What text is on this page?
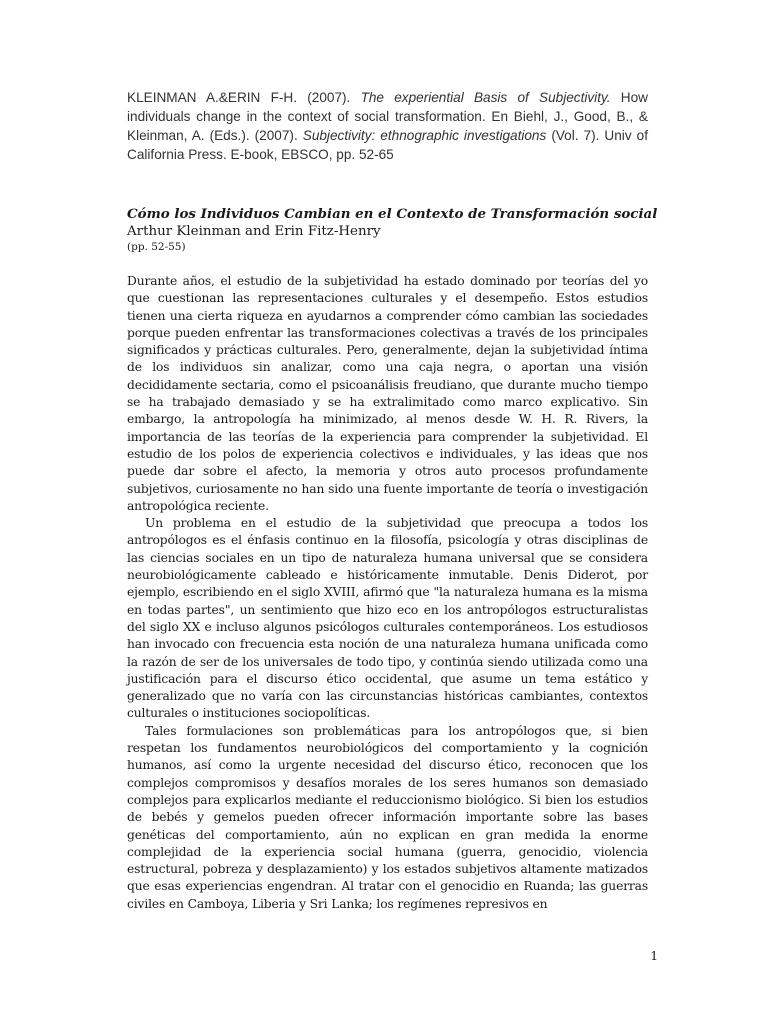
KLEINMAN A.&ERIN F-H. (2007). The experiential Basis of Subjectivity. How individuals change in the context of social transformation. En Biehl, J., Good, B., & Kleinman, A. (Eds.). (2007). Subjectivity: ethnographic investigations (Vol. 7). Univ of California Press. E-book, EBSCO, pp. 52-65

Cómo los Individuos Cambian en el Contexto de Transformación social

Arthur Kleinman and Erin Fitz-Henry

(pp. 52-55)

Durante años, el estudio de la subjetividad ha estado dominado por teorías del yo que cuestionan las representaciones culturales y el desempeño. Estos estudios tienen una cierta riqueza en ayudarnos a comprender cómo cambian las sociedades porque pueden enfrentar las transformaciones colectivas a través de los principales significados y prácticas culturales. Pero, generalmente, dejan la subjetividad íntima de los individuos sin analizar, como una caja negra, o aportan una visión decididamente sectaria, como el psicoanálisis freudiano, que durante mucho tiempo se ha trabajado demasiado y se ha extralimitado como marco explicativo. Sin embargo, la antropología ha minimizado, al menos desde W. H. R. Rivers, la importancia de las teorías de la experiencia para comprender la subjetividad. El estudio de los polos de experiencia colectivos e individuales, y las ideas que nos puede dar sobre el afecto, la memoria y otros auto procesos profundamente subjetivos, curiosamente no han sido una fuente importante de teoría o investigación antropológica reciente.

Un problema en el estudio de la subjetividad que preocupa a todos los antropólogos es el énfasis continuo en la filosofía, psicología y otras disciplinas de las ciencias sociales en un tipo de naturaleza humana universal que se considera neurobiológicamente cableado e históricamente inmutable. Denis Diderot, por ejemplo, escribiendo en el siglo XVIII, afirmó que "la naturaleza humana es la misma en todas partes", un sentimiento que hizo eco en los antropólogos estructuralistas del siglo XX e incluso algunos psicólogos culturales contemporáneos. Los estudiosos han invocado con frecuencia esta noción de una naturaleza humana unificada como la razón de ser de los universales de todo tipo, y continúa siendo utilizada como una justificación para el discurso ético occidental, que asume un tema estático y generalizado que no varía con las circunstancias históricas cambiantes, contextos culturales o instituciones sociopolíticas.

Tales formulaciones son problemáticas para los antropólogos que, si bien respetan los fundamentos neurobiológicos del comportamiento y la cognición humanos, así como la urgente necesidad del discurso ético, reconocen que los complejos compromisos y desafíos morales de los seres humanos son demasiado complejos para explicarlos mediante el reduccionismo biológico. Si bien los estudios de bebés y gemelos pueden ofrecer información importante sobre las bases genéticas del comportamiento, aún no explican en gran medida la enorme complejidad de la experiencia social humana (guerra, genocidio, violencia estructural, pobreza y desplazamiento) y los estados subjetivos altamente matizados que esas experiencias engendran. Al tratar con el genocidio en Ruanda; las guerras civiles en Camboya, Liberia y Sri Lanka; los regímenes represivos en

1
